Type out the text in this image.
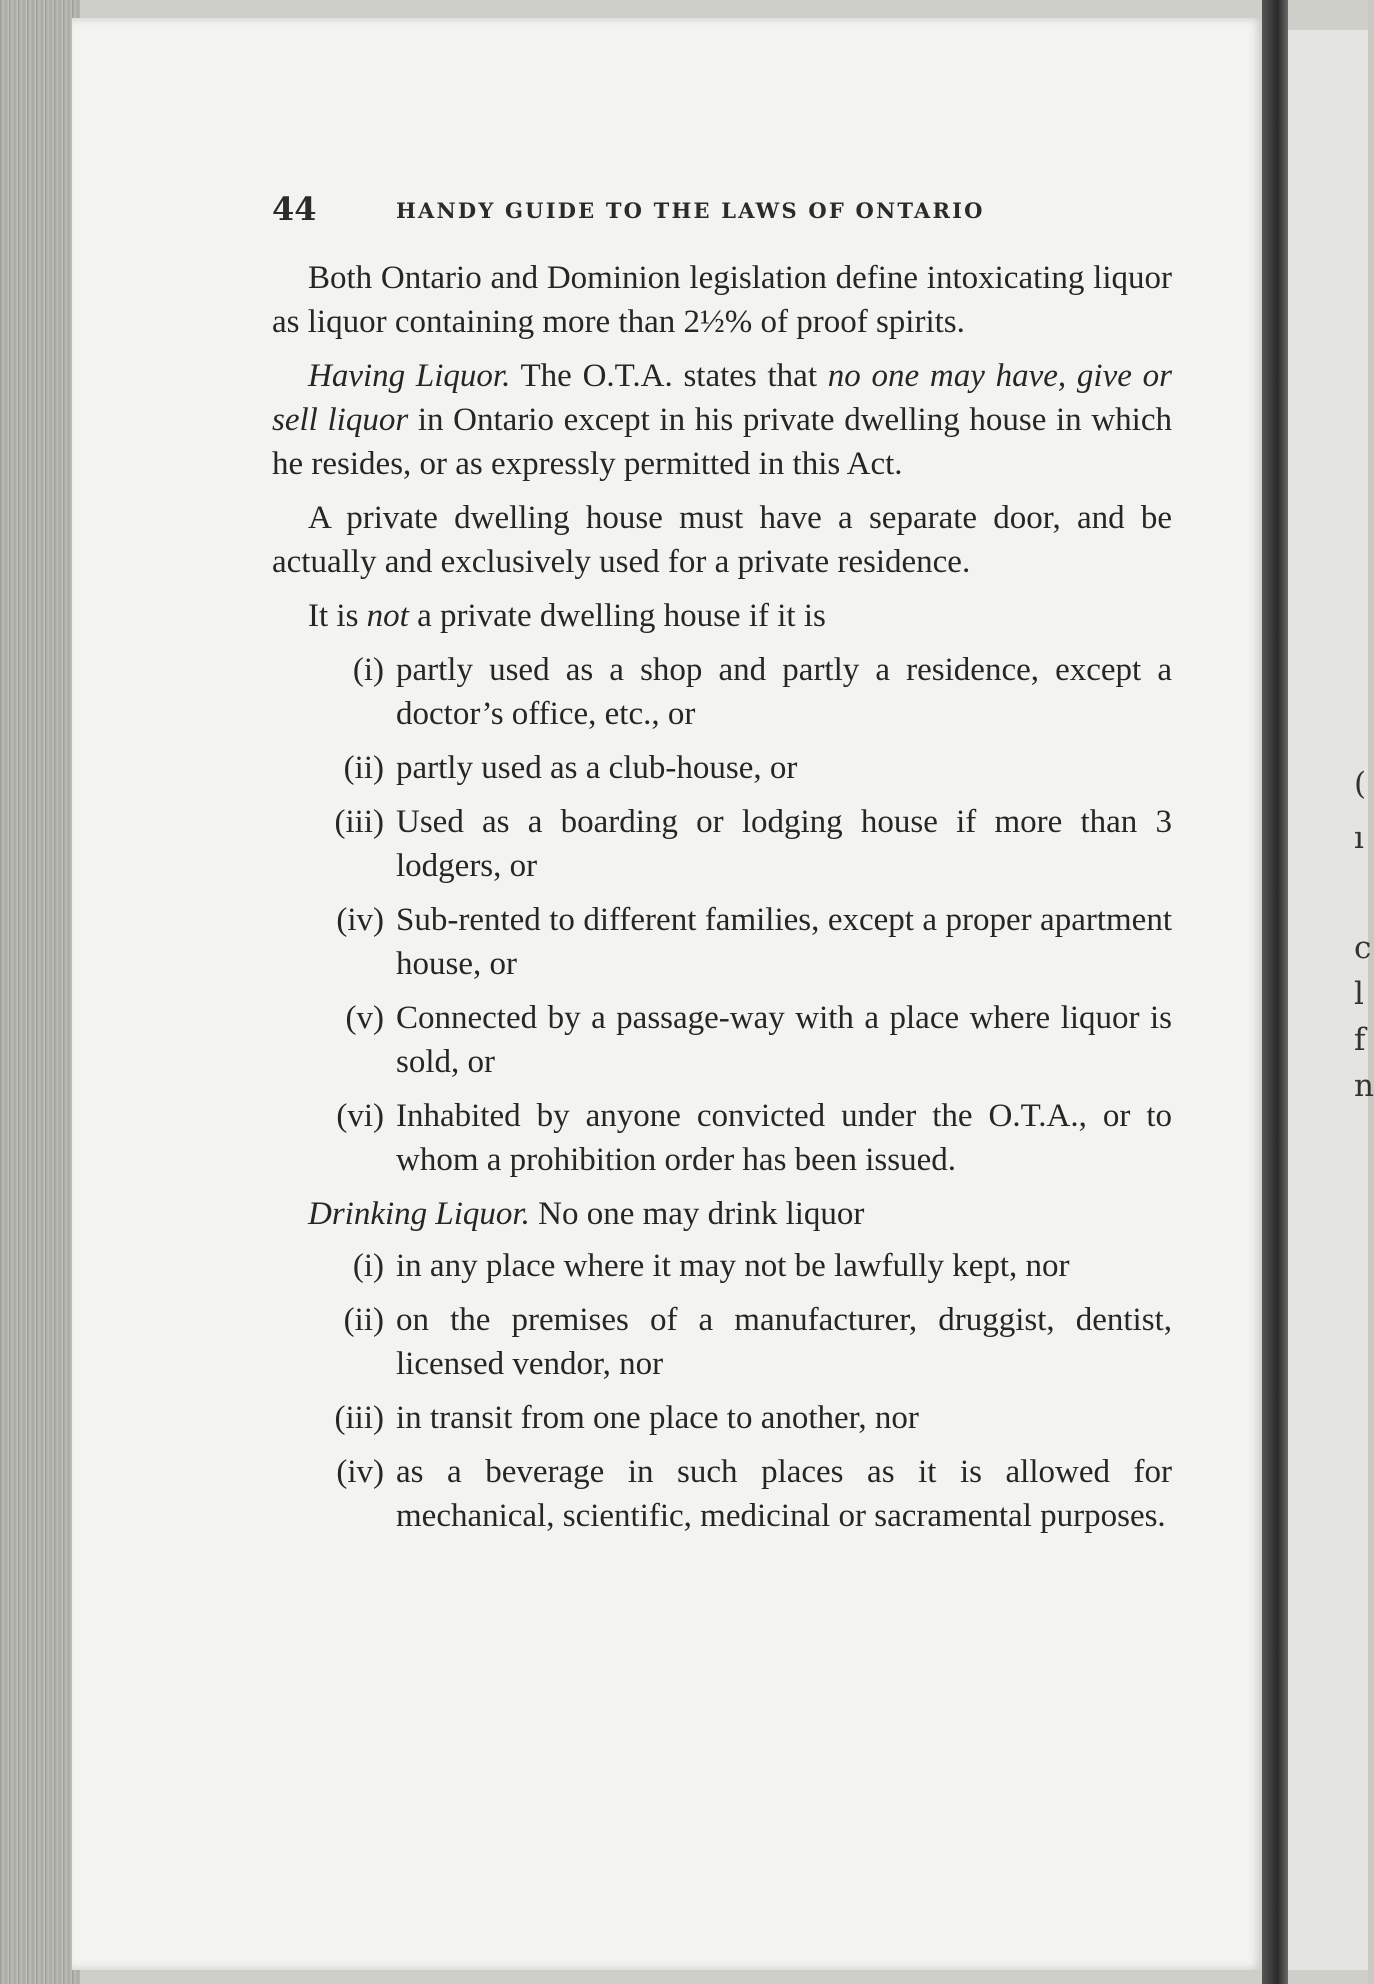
44	HANDY GUIDE TO THE LAWS OF ONTARIO

Both Ontario and Dominion legislation define intoxicating liquor as liquor containing more than 2½% of proof spirits.

Having Liquor. The O.T.A. states that no one may have, give or sell liquor in Ontario except in his private dwelling house in which he resides, or as expressly permitted in this Act.

A private dwelling house must have a separate door, and be actually and exclusively used for a private residence.

It is not a private dwelling house if it is

(i) partly used as a shop and partly a residence, except a doctor’s office, etc., or
(ii) partly used as a club-house, or
(iii) Used as a boarding or lodging house if more than 3 lodgers, or
(iv) Sub-rented to different families, except a proper apartment house, or
(v) Connected by a passage-way with a place where liquor is sold, or
(vi) Inhabited by anyone convicted under the O.T.A., or to whom a prohibition order has been issued.

Drinking Liquor. No one may drink liquor

(i) in any place where it may not be lawfully kept, nor
(ii) on the premises of a manufacturer, druggist, dentist, licensed vendor, nor
(iii) in transit from one place to another, nor
(iv) as a beverage in such places as it is allowed for mechanical, scientific, medicinal or sacramental purposes.
(
ı
c
l
f
n
